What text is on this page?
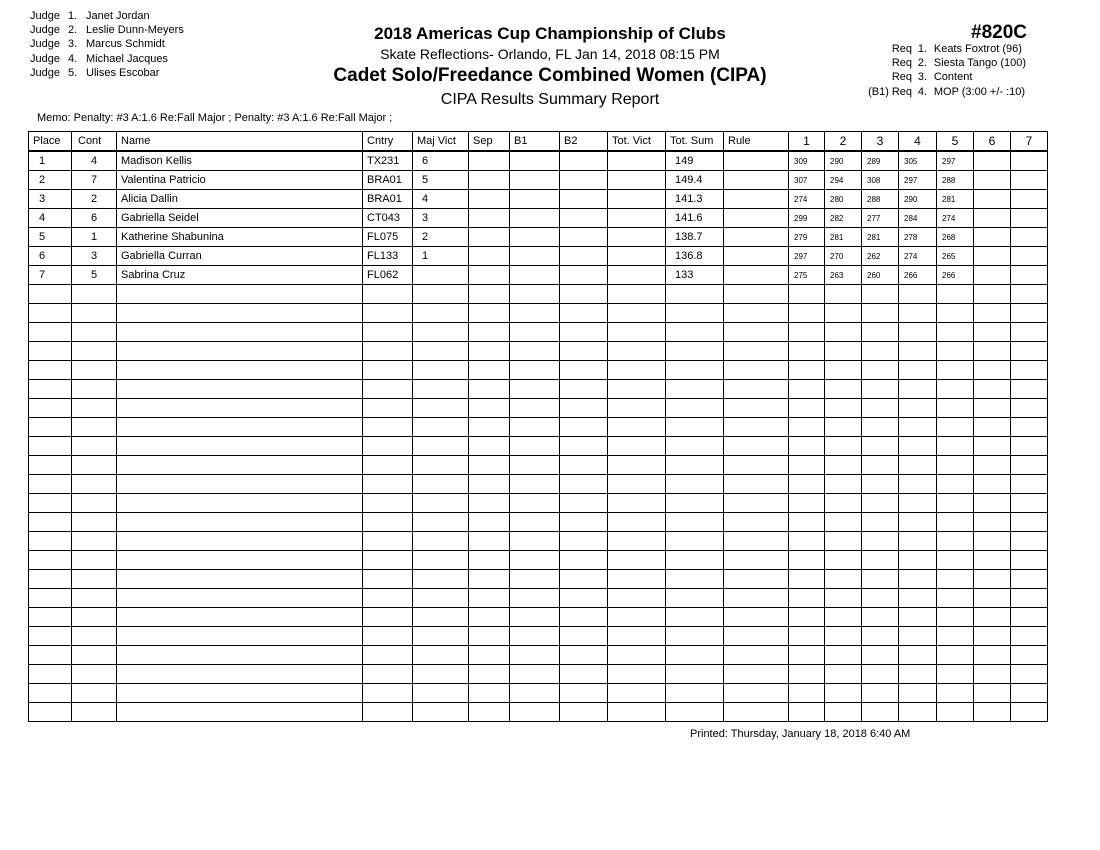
Judge 1. Janet Jordan
Judge 2. Leslie Dunn-Meyers
Judge 3. Marcus Schmidt
Judge 4. Michael Jacques
Judge 5. Ulises Escobar
2018 Americas Cup Championship of Clubs
Skate Reflections- Orlando, FL Jan 14, 2018 08:15 PM
Cadet Solo/Freedance Combined Women (CIPA)
CIPA Results Summary Report
#820C
Req 1. Keats Foxtrot (96)
Req 2. Siesta Tango (100)
Req 3. Content
(B1) Req 4. MOP (3:00 +/- :10)
Memo: Penalty: #3 A:1.6 Re:Fall Major ; Penalty: #3 A:1.6 Re:Fall Major ;
Place	Cont	Name	Cntry	Maj Vict	Sep	B1	B2	Tot. Vict	Tot. Sum	Rule	1	2	3	4	5	6	7
1	4	Madison Kellis	TX231	6					149		309	290	289	305	297		
2	7	Valentina Patricio	BRA01	5					149.4		307	294	308	297	288		
3	2	Alicia Dallin	BRA01	4					141.3		274	280	288	290	281		
4	6	Gabriella Seidel	CT043	3					141.6		299	282	277	284	274		
5	1	Katherine Shabunina	FL075	2					138.7		279	281	281	278	268		
6	3	Gabriella Curran	FL133	1					136.8		297	270	262	274	265		
7	5	Sabrina Cruz	FL062						133		275	263	260	266	266		

Printed: Thursday, January 18, 2018 6:40 AM
